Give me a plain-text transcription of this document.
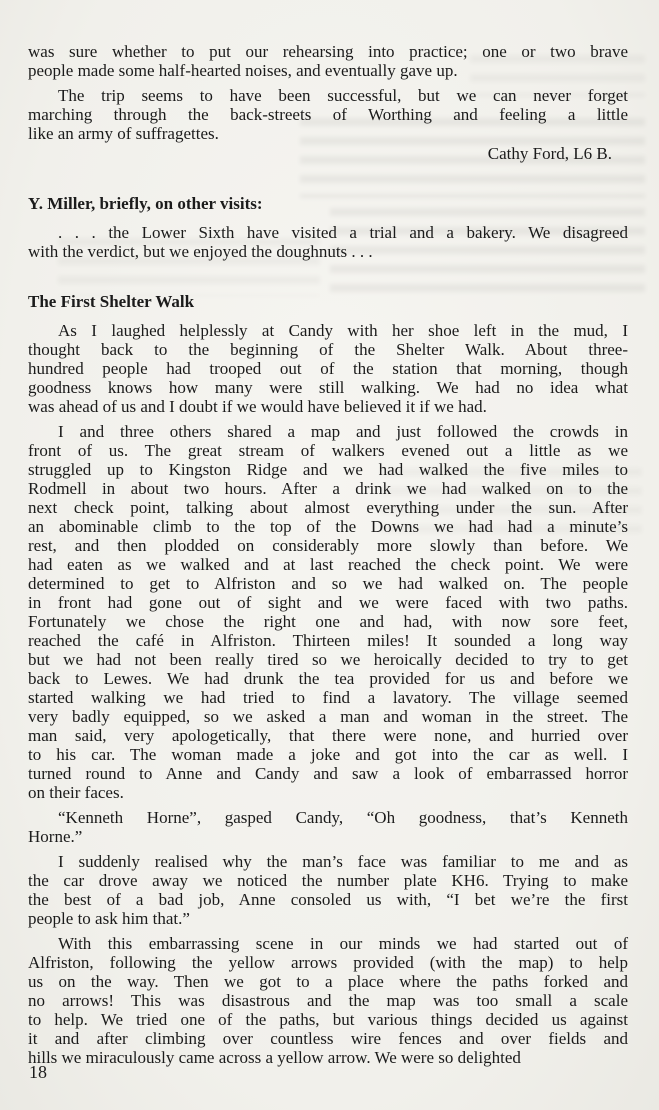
was sure whether to put our rehearsing into practice; one or two brave
people made some half-hearted noises, and eventually gave up.

The trip seems to have been successful, but we can never forget
marching through the back-streets of Worthing and feeling a little
like an army of suffragettes.

Cathy Ford, L6 B.
Y. Miller, briefly, on other visits:

. . . the Lower Sixth have visited a trial and a bakery. We disagreed
with the verdict, but we enjoyed the doughnuts . . .

The First Shelter Walk

As I laughed helplessly at Candy with her shoe left in the mud, I
thought back to the beginning of the Shelter Walk. About three-
hundred people had trooped out of the station that morning, though
goodness knows how many were still walking. We had no idea what
was ahead of us and I doubt if we would have believed it if we had.

I and three others shared a map and just followed the crowds in
front of us. The great stream of walkers evened out a little as we
struggled up to Kingston Ridge and we had walked the five miles to
Rodmell in about two hours. After a drink we had walked on to the
next check point, talking about almost everything under the sun. After
an abominable climb to the top of the Downs we had had a minute’s
rest, and then plodded on considerably more slowly than before. We
had eaten as we walked and at last reached the check point. We were
determined to get to Alfriston and so we had walked on. The people
in front had gone out of sight and we were faced with two paths.
Fortunately we chose the right one and had, with now sore feet,
reached the café in Alfriston. Thirteen miles! It sounded a long way
but we had not been really tired so we heroically decided to try to get
back to Lewes. We had drunk the tea provided for us and before we
started walking we had tried to find a lavatory. The village seemed
very badly equipped, so we asked a man and woman in the street. The
man said, very apologetically, that there were none, and hurried over
to his car. The woman made a joke and got into the car as well. I
turned round to Anne and Candy and saw a look of embarrassed horror
on their faces.

“Kenneth Horne”, gasped Candy, “Oh goodness, that’s Kenneth
Horne.”

I suddenly realised why the man’s face was familiar to me and as
the car drove away we noticed the number plate KH6. Trying to make
the best of a bad job, Anne consoled us with, “I bet we’re the first
people to ask him that.”

With this embarrassing scene in our minds we had started out of
Alfriston, following the yellow arrows provided (with the map) to help
us on the way. Then we got to a place where the paths forked and
no arrows! This was disastrous and the map was too small a scale
to help. We tried one of the paths, but various things decided us against
it and after climbing over countless wire fences and over fields and
hills we miraculously came across a yellow arrow. We were so delighted

18
